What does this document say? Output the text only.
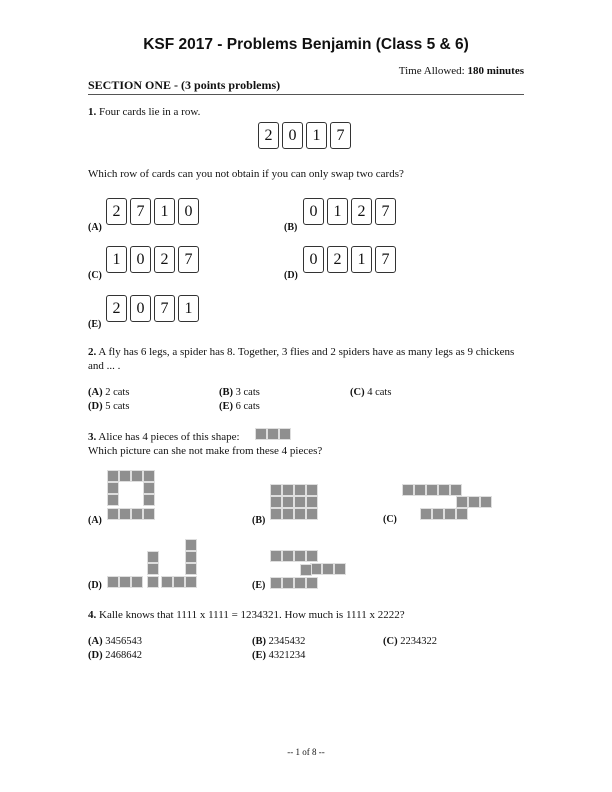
KSF 2017 - Problems Benjamin (Class 5 & 6)
Time Allowed: 180 minutes
SECTION ONE - (3 points problems)
1. Four cards lie in a row.
2	0	1	7
Which row of cards can you not obtain if you can only swap two cards?
(A)
2	7	1	0
(B)
0	1	2	7
(C)
1	0	2	7
(D)
0	2	1	7
(E)
2	0	7	1
2. A fly has 6 legs, a spider has 8. Together, 3 flies and 2 spiders have as many legs as 9 chickens and ... .
(A) 2 cats	(B) 3 cats	(C) 4 cats
(D) 5 cats	(E) 6 cats
3. Alice has 4 pieces of this shape:
Which picture can she not make from these 4 pieces?
(A)	(B)	(C)
(D)	(E)
4. Kalle knows that 1111 x 1111 = 1234321. How much is 1111 x 2222?
(A) 3456543	(B) 2345432	(C) 2234322
(D) 2468642	(E) 4321234
-- 1 of 8 --
